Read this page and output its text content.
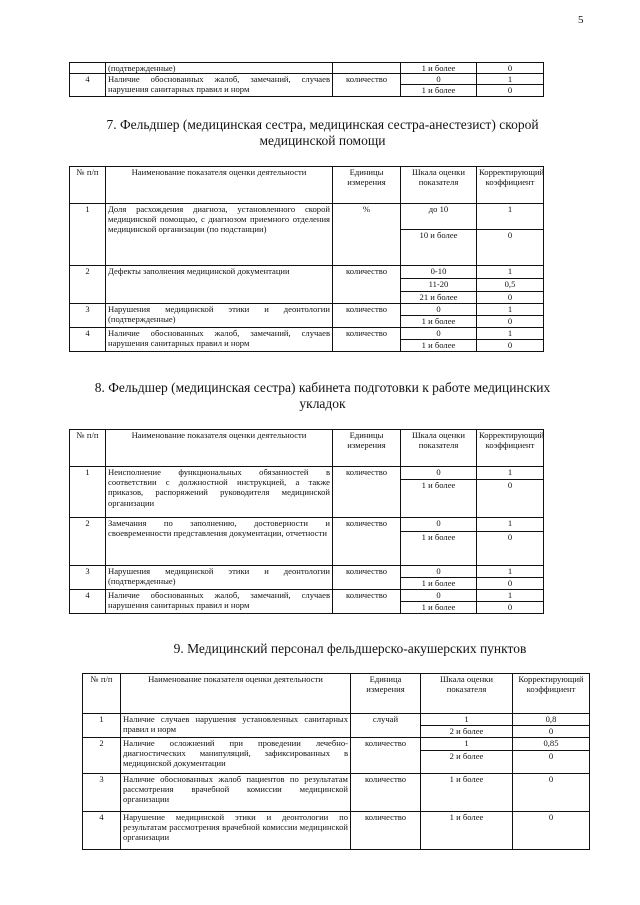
5
	(подтвержденные)		1 и более	0
4	Наличие обоснованных жалоб, замечаний, случаев нарушения санитарных правил и норм	количество	0	1
			1 и более	0
7. Фельдшер (медицинская сестра, медицинская сестра-анестезист) скорой медицинской помощи
№ п/п	Наименование показателя оценки деятельности	Единицы измерения	Шкала оценки показателя	Корректирующий коэффициент
1	Доля расхождения диагноза, установленного скорой медицинской помощью, с диагнозом приемного отделения медицинской организации (по подстанции)	%	до 10	1
			10 и более	0
2	Дефекты заполнения медицинской документации	количество	0-10	1
			11-20	0,5
			21 и более	0
3	Нарушения медицинской этики и деонтологии (подтвержденные)	количество	0	1
			1 и более	0
4	Наличие обоснованных жалоб, замечаний, случаев нарушения санитарных правил и норм	количество	0	1
			1 и более	0
8. Фельдшер (медицинская сестра) кабинета подготовки к работе медицинских укладок
№ п/п	Наименование показателя оценки деятельности	Единицы измерения	Шкала оценки показателя	Корректирующий коэффициент
1	Неисполнение функциональных обязанностей в соответствии с должностной инструкцией, а также приказов, распоряжений руководителя медицинской организации	количество	0	1
			1 и более	0
2	Замечания по заполнению, достоверности и своевременности представления документации, отчетности	количество	0	1
			1 и более	0
3	Нарушения медицинской этики и деонтологии (подтвержденные)	количество	0	1
			1 и более	0
4	Наличие обоснованных жалоб, замечаний, случаев нарушения санитарных правил и норм	количество	0	1
			1 и более	0
9. Медицинский персонал фельдшерско-акушерских пунктов
№ п/п	Наименование показателя оценки деятельности	Единица измерения	Шкала оценки показателя	Корректирующий коэффициент
1	Наличие случаев нарушения установленных санитарных правил и норм	случай	1	0,8
			2 и более	0
2	Наличие осложнений при проведении лечебно-диагностических манипуляций, зафиксированных в медицинской документации	количество	1	0,85
			2 и более	0
3	Наличие обоснованных жалоб пациентов по результатам рассмотрения врачебной комиссии медицинской организации	количество	1 и более	0
4	Нарушение медицинской этики и деонтологии по результатам рассмотрения врачебной комиссии медицинской организации	количество	1 и более	0
